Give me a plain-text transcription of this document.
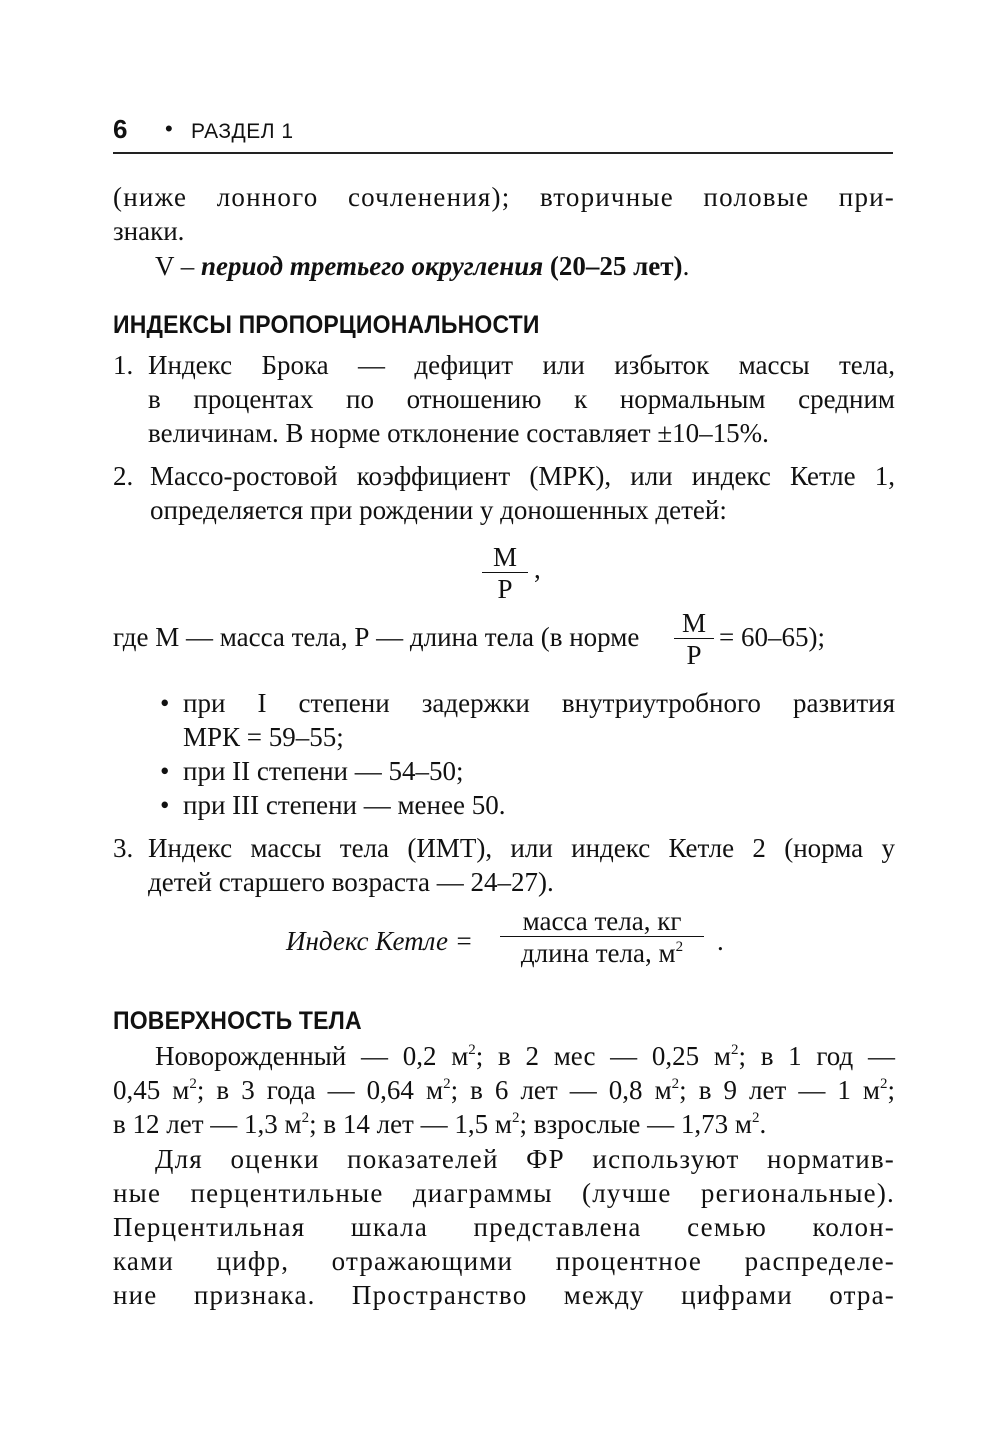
6 • РАЗДЕЛ 1
(ниже лонного сочленения); вторичные половые при-
знаки.
V – период третьего округления (20–25 лет).
ИНДЕКСЫ ПРОПОРЦИОНАЛЬНОСТИ
1. Индекс Брока — дефицит или избыток массы тела,
в процентах по отношению к нормальным средним
величинам. В норме отклонение составляет ±10–15%.
2. Массо-ростовой коэффициент (МРК), или индекс Кетле 1,
определяется при рождении у доношенных детей:
М
Р
,
где М — масса тела, Р — длина тела (в норме М
Р
= 60–65);
• при I степени задержки внутриутробного развития
МРК = 59–55;
• при II степени — 54–50;
• при III степени — менее 50.
3. Индекс массы тела (ИМТ), или индекс Кетле 2 (норма у
детей старшего возраста — 24–27).
Индекс Кетле =
масса тела, кг
длина тела, $м^2$	.
ПОВЕРХНОСТЬ ТЕЛА
Новорожденный — 0,2 $м^2$; в 2 мес — 0,25 $м^2$; в 1 год —
0,45 $м^2$; в 3 года — 0,64 $м^2$; в 6 лет — 0,8 $м^2$; в 9 лет — 1 $м^2$;
в 12 лет — 1,3 $м^2$; в 14 лет — 1,5 $м^2$; взрослые — 1,73 $м^2$.
Для оценки показателей ФР используют норматив-
ные перцентильные диаграммы (лучше региональные).
Перцентильная шкала представлена семью колон-
ками цифр, отражающими процентное распределе-
ние признака. Пространство между цифрами отра-
